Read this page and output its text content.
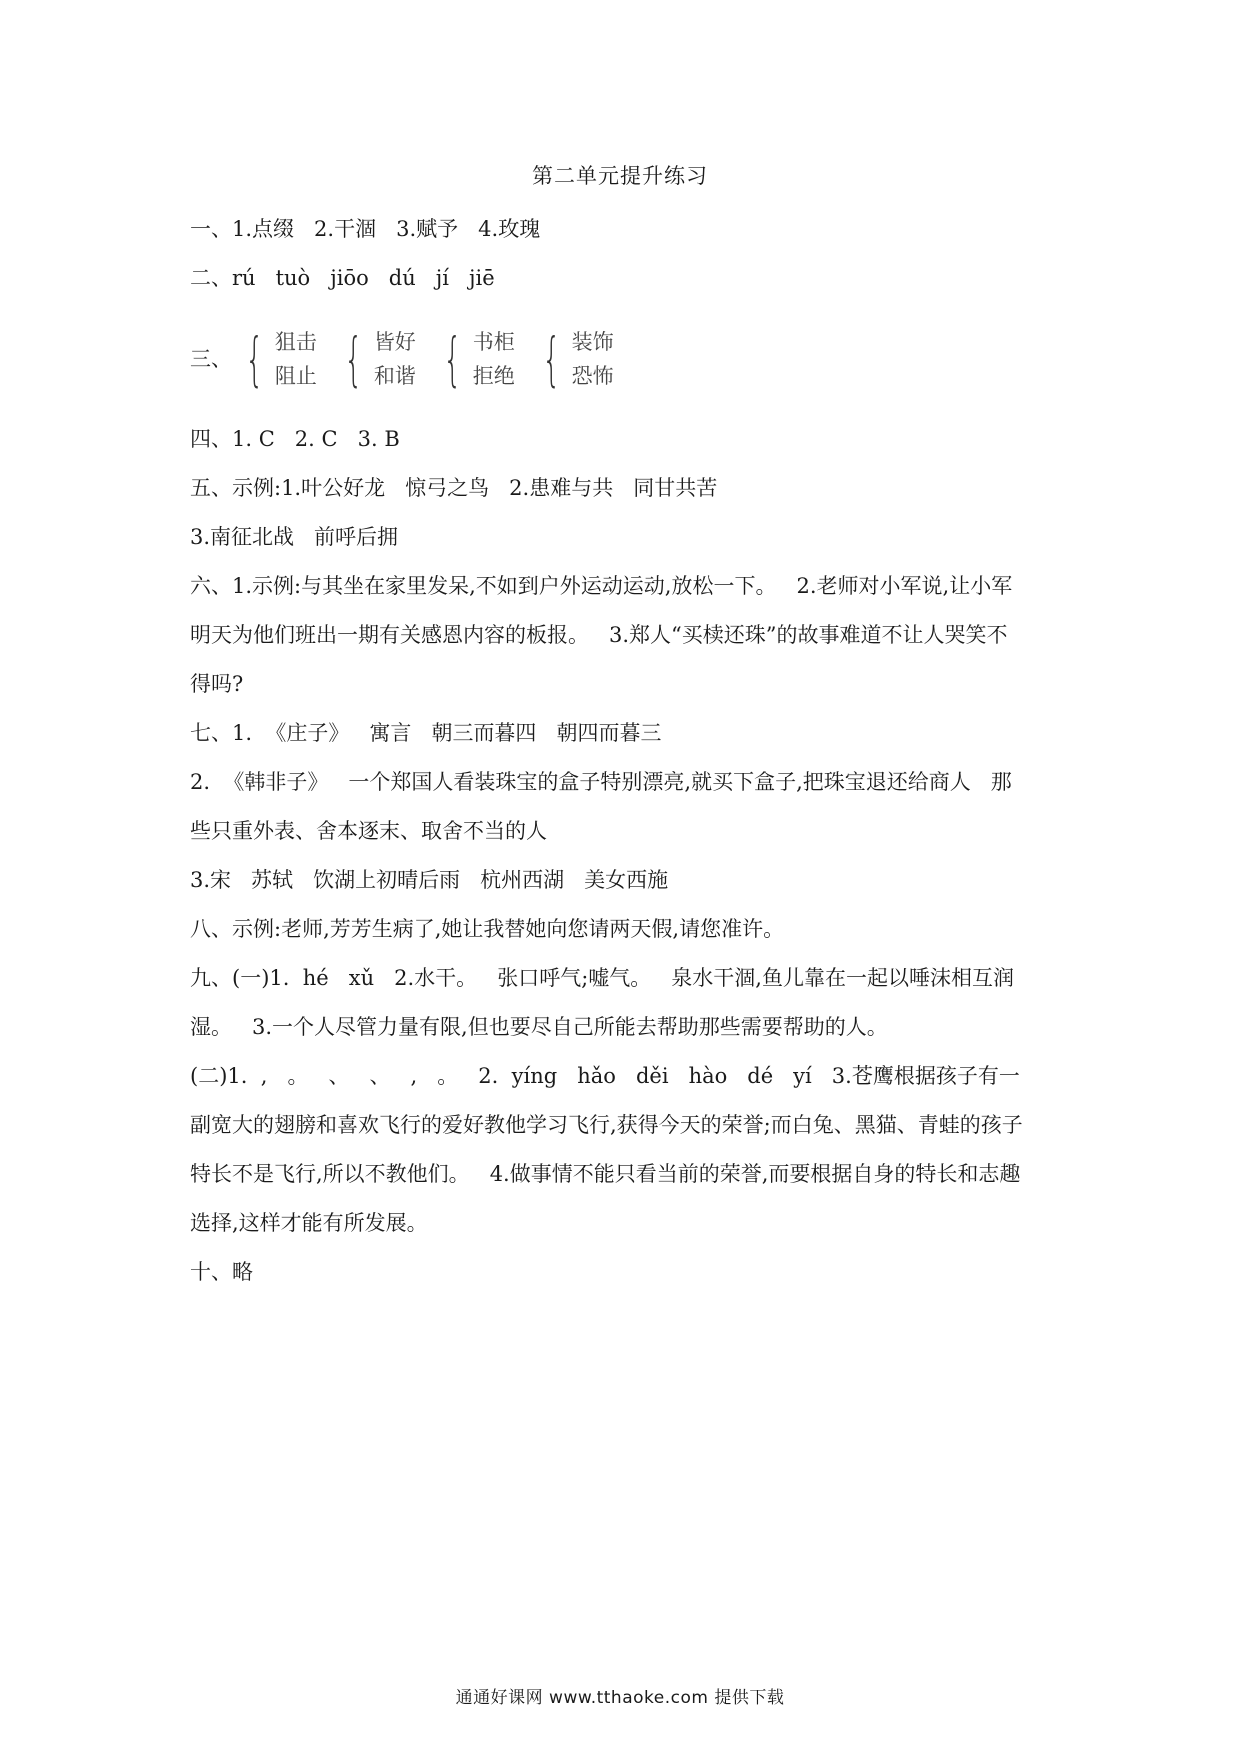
第二单元提升练习

一、1.点缀   2.干涸   3.赋予   4.玫瑰

二、rú   tuò   jiōo   dú   jí   jiē

三、 { 狙击
阻止 { 皆好
和谐 { 书柜
拒绝 { 装饰
恐怖

四、1. C   2. C   3. B

五、示例:1.叶公好龙   惊弓之鸟   2.患难与共   同甘共苦

3.南征北战   前呼后拥

六、1.示例:与其坐在家里发呆,不如到户外运动运动,放松一下。   2.老师对小军说,让小军

明天为他们班出一期有关感恩内容的板报。   3.郑人“买椟还珠”的故事难道不让人哭笑不

得吗?

七、1.  《庄子》   寓言   朝三而暮四   朝四而暮三

2.  《韩非子》   一个郑国人看装珠宝的盒子特别漂亮,就买下盒子,把珠宝退还给商人   那

些只重外表、舍本逐末、取舍不当的人

3.宋   苏轼   饮湖上初晴后雨   杭州西湖   美女西施

八、示例:老师,芳芳生病了,她让我替她向您请两天假,请您准许。

九、(一)1.  hé   xǔ   2.水干。   张口呼气;嘘气。   泉水干涸,鱼儿靠在一起以唾沫相互润

湿。   3.一个人尽管力量有限,但也要尽自己所能去帮助那些需要帮助的人。

(二)1.  ,   。   、   、   ,   。   2.  yíng   hǎo   děi   hào   dé   yí   3.苍鹰根据孩子有一

副宽大的翅膀和喜欢飞行的爱好教他学习飞行,获得今天的荣誉;而白兔、黑猫、青蛙的孩子

特长不是飞行,所以不教他们。   4.做事情不能只看当前的荣誉,而要根据自身的特长和志趣

选择,这样才能有所发展。

十、略

通通好课网 www.tthaoke.com 提供下载
